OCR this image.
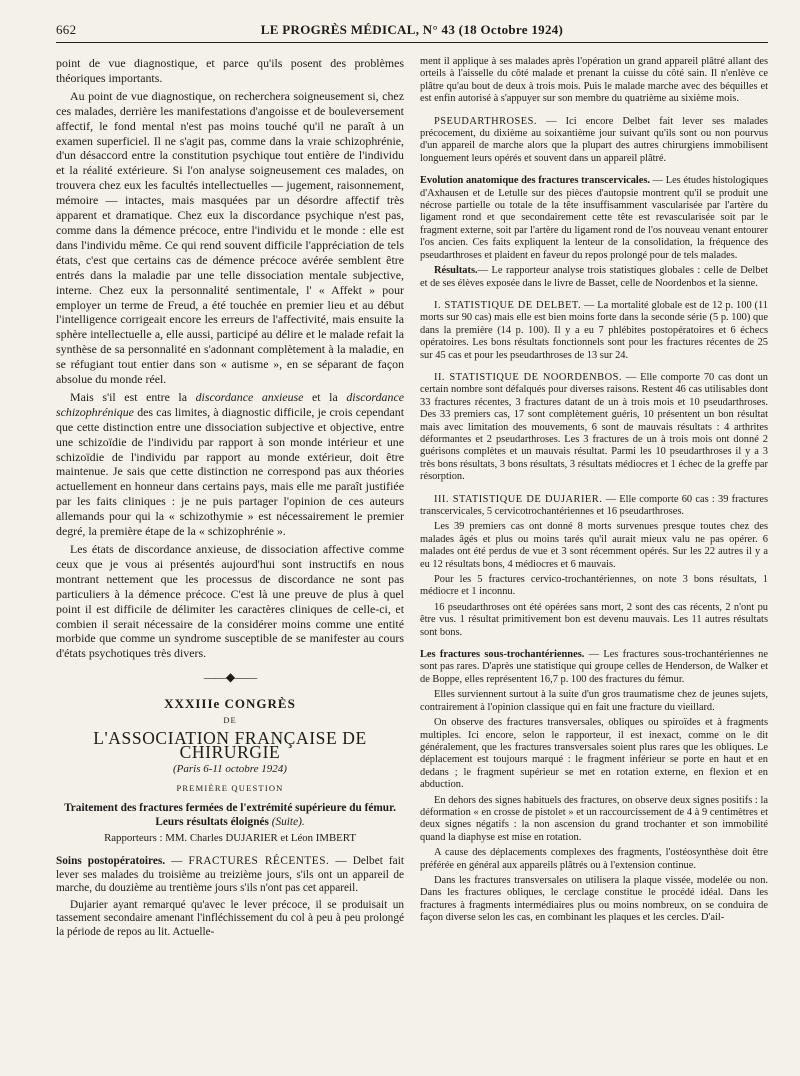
662	LE PROGRÈS MÉDICAL, N° 43 (18 Octobre 1924)

point de vue diagnostique, et parce qu'ils posent des problèmes théoriques importants.

Au point de vue diagnostique, on recherchera soigneusement si, chez ces malades, derrière les manifestations d'angoisse et de bouleversement affectif, le fond mental n'est pas moins touché qu'il ne paraît à un examen superficiel. Il ne s'agit pas, comme dans la vraie schizophrénie, d'un désaccord entre la constitution psychique tout entière de l'individu et la réalité extérieure. Si l'on analyse soigneusement ces malades, on trouvera chez eux les facultés intellectuelles — jugement, raisonnement, mémoire — intactes, mais masquées par un désordre affectif très apparent et dramatique. Chez eux la discordance psychique n'est pas, comme dans la démence précoce, entre l'individu et le monde : elle est dans l'individu même. Ce qui rend souvent difficile l'appréciation de tels états, c'est que certains cas de démence précoce avérée semblent être entrés dans la maladie par une telle dissociation mentale subjective, interne. Chez eux la personnalité sentimentale, l' « Affekt » pour employer un terme de Freud, a été touchée en premier lieu et au début l'intelligence corrigeait encore les erreurs de l'affectivité, mais ensuite la sphère intellectuelle a, elle aussi, participé au délire et le malade refait la synthèse de sa personnalité en s'adonnant complètement à la maladie, en se réfugiant tout entier dans son « autisme », en se séparant de façon absolue du monde réel.

Mais s'il est entre la discordance anxieuse et la discordance schizophrénique des cas limites, à diagnostic difficile, je crois cependant que cette distinction entre une dissociation subjective et objective, entre une schizoïdie de l'individu par rapport à son monde intérieur et une schizoïdie de l'individu par rapport au monde extérieur, doit être maintenue. Je sais que cette distinction ne correspond pas aux théories actuellement en honneur dans certains pays, mais elle me paraît justifiée par les faits cliniques : je ne puis partager l'opinion de ces auteurs allemands pour qui la « schizothymie » est nécessairement le premier degré, la première étape de la « schizophrénie ».

Les états de discordance anxieuse, de dissociation affective comme ceux que je vous ai présentés aujourd'hui sont instructifs en nous montrant nettement que les processus de discordance ne sont pas particuliers à la démence précoce. C'est là une preuve de plus à quel point il est difficile de délimiter les caractères cliniques de celle-ci, et combien il serait nécessaire de la considérer moins comme une entité morbide que comme un syndrome susceptible de se manifester au cours d'états psychotiques très divers.

——◆——
XXXIIIe CONGRÈS
DE
L'ASSOCIATION FRANÇAISE DE CHIRURGIE
(Paris 6-11 octobre 1924)
PREMIÈRE QUESTION
Traitement des fractures fermées de l'extrémité supérieure du fémur. Leurs résultats éloignés (Suite).
Rapporteurs : MM. Charles DUJARIER et Léon IMBERT

Soins postopératoires. — FRACTURES RÉCENTES. — Delbet fait lever ses malades du troisième au treizième jours, s'ils ont un appareil de marche, du douzième au trentième jours s'ils n'ont pas cet appareil.

Dujarier ayant remarqué qu'avec le lever précoce, il se produisait un tassement secondaire amenant l'infléchissement du col à peu à peu prolongé la période de repos au lit. Actuelle-

ment il applique à ses malades après l'opération un grand appareil plâtré allant des orteils à l'aisselle du côté malade et prenant la cuisse du côté sain. Il n'enlève ce plâtre qu'au bout de deux à trois mois. Puis le malade marche avec des béquilles et est enfin autorisé à s'appuyer sur son membre du quatrième au sixième mois.

PSEUDARTHROSES. — Ici encore Delbet fait lever ses malades précocement, du dixième au soixantième jour suivant qu'ils sont ou non pourvus d'un appareil de marche alors que la plupart des autres chirurgiens immobilisent longuement leurs opérés et souvent dans un appareil plâtré.

Evolution anatomique des fractures transcervicales. — Les études histologiques d'Axhausen et de Letulle sur des pièces d'autopsie montrent qu'il se produit une nécrose partielle ou totale de la tête insuffisamment vascularisée par l'artère du ligament rond et que secondairement cette tête est revascularisée soit par le fragment externe, soit par l'artère du ligament rond de l'os nouveau venant entourer l'os ancien. Ces faits expliquent la lenteur de la consolidation, la fréquence des pseudarthroses et plaident en faveur du repos prolongé pour de tels malades.

Résultats.— Le rapporteur analyse trois statistiques globales : celle de Delbet et de ses élèves exposée dans le livre de Basset, celle de Noordenbos et la sienne.

I. STATISTIQUE DE DELBET. — La mortalité globale est de 12 p. 100 (11 morts sur 90 cas) mais elle est bien moins forte dans la seconde série (5 p. 100) que dans la première (14 p. 100). Il y a eu 7 phlébites postopératoires et 6 échecs opératoires. Les bons résultats fonctionnels sont pour les fractures récentes de 25 sur 45 cas et pour les pseudarthroses de 13 sur 24.

II. STATISTIQUE DE NOORDENBOS. — Elle comporte 70 cas dont un certain nombre sont défalqués pour diverses raisons. Restent 46 cas utilisables dont 33 fractures récentes, 3 fractures datant de un à trois mois et 10 pseudarthroses. Des 33 premiers cas, 17 sont complètement guéris, 10 présentent un bon résultat mais avec limitation des mouvements, 6 sont de mauvais résultats : 4 arthrites déformantes et 2 pseudarthroses. Les 3 fractures de un à trois mois ont donné 2 guérisons complètes et un mauvais résultat. Parmi les 10 pseudarthroses il y a 3 très bons résultats, 3 bons résultats, 3 résultats médiocres et 1 échec de la greffe par résorption.

III. STATISTIQUE DE DUJARIER. — Elle comporte 60 cas : 39 fractures transcervicales, 5 cervicotrochantériennes et 16 pseudarthroses.

Les 39 premiers cas ont donné 8 morts survenues presque toutes chez des malades âgés et plus ou moins tarés qu'il aurait mieux valu ne pas opérer. 6 malades ont été perdus de vue et 3 sont récemment opérés. Sur les 22 autres il y a eu 12 résultats bons, 4 médiocres et 6 mauvais.

Pour les 5 fractures cervico-trochantériennes, on note 3 bons résultats, 1 médiocre et 1 inconnu.

16 pseudarthroses ont été opérées sans mort, 2 sont des cas récents, 2 n'ont pu être vus. 1 résultat primitivement bon est devenu mauvais. Les 11 autres résultats sont bons.

Les fractures sous-trochantériennes. — Les fractures sous-trochantériennes ne sont pas rares. D'après une statistique qui groupe celles de Henderson, de Walker et de Boppe, elles représentent 16,7 p. 100 des fractures du fémur.

Elles surviennent surtout à la suite d'un gros traumatisme chez de jeunes sujets, contrairement à l'opinion classique qui en fait une fracture du vieillard.

On observe des fractures transversales, obliques ou spiroïdes et à fragments multiples. Ici encore, selon le rapporteur, il est inexact, comme on le dit généralement, que les fractures transversales soient plus rares que les obliques. Le déplacement est toujours marqué : le fragment inférieur se porte en haut et en dedans ; le fragment supérieur se met en rotation externe, en flexion et en abduction.

En dehors des signes habituels des fractures, on observe deux signes positifs : la déformation « en crosse de pistolet » et un raccourcissement de 4 à 9 centimètres et deux signes négatifs : la non ascension du grand trochanter et son immobilité quand la diaphyse est mise en rotation.

A cause des déplacements complexes des fragments, l'ostéosynthèse doit être préférée en général aux appareils plâtrés ou à l'extension continue.

Dans les fractures transversales on utilisera la plaque vissée, modelée ou non. Dans les fractures obliques, le cerclage constitue le procédé idéal. Dans les fractures à fragments intermédiaires plus ou moins nombreux, on se conduira de façon diverse selon les cas, en combinant les plaques et les cercles. D'ail-
